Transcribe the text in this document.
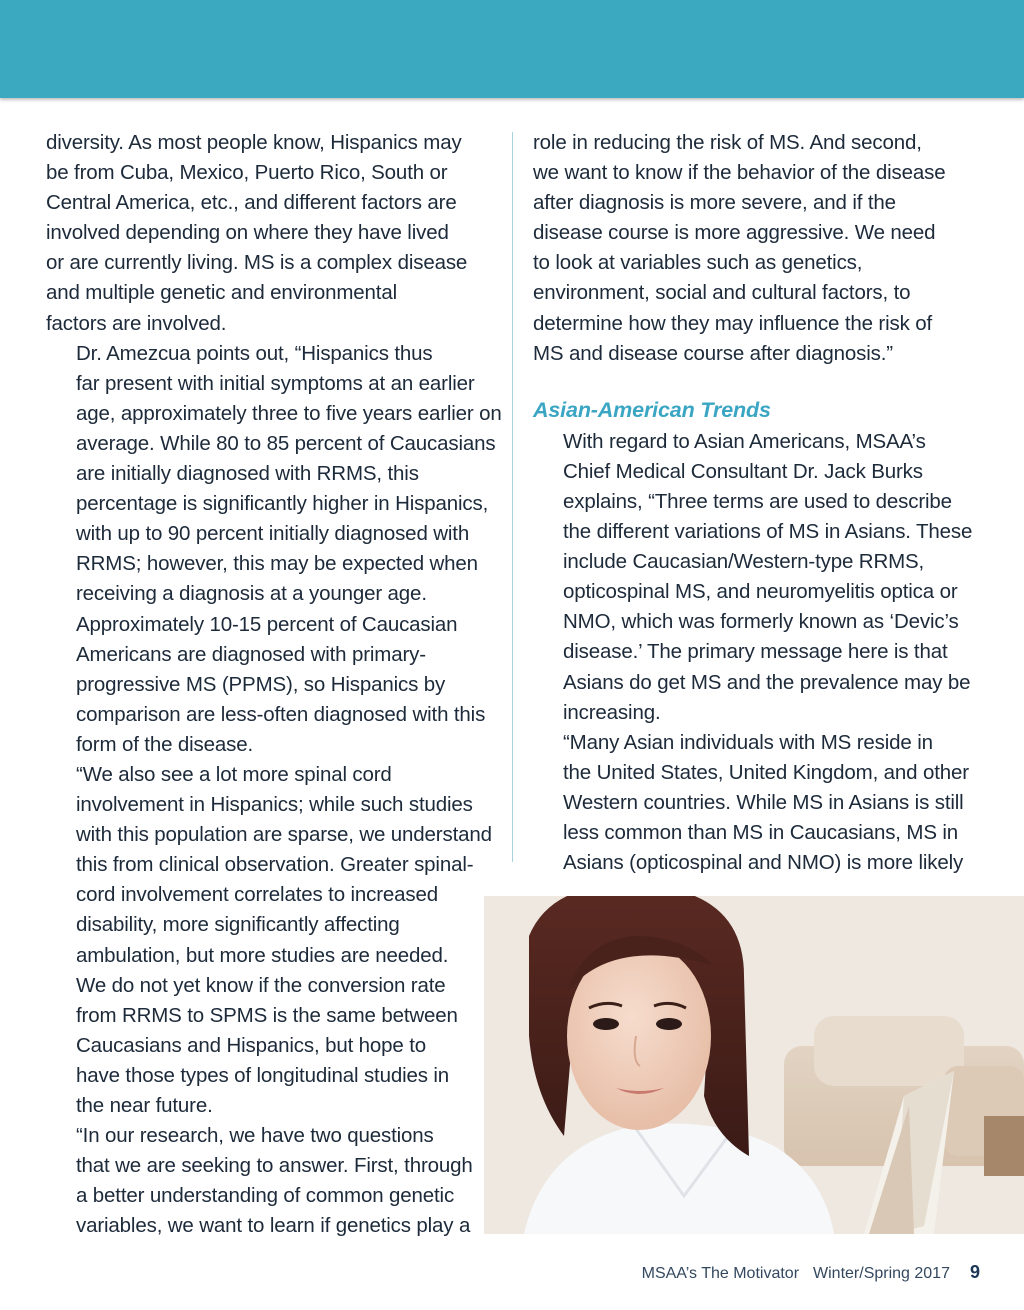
diversity. As most people know, Hispanics may
be from Cuba, Mexico, Puerto Rico, South or
Central America, etc., and different factors are
involved depending on where they have lived
or are currently living. MS is a complex disease
and multiple genetic and environmental
factors are involved.

Dr. Amezcua points out, “Hispanics thus
far present with initial symptoms at an earlier
age, approximately three to five years earlier on
average. While 80 to 85 percent of Caucasians
are initially diagnosed with RRMS, this
percentage is significantly higher in Hispanics,
with up to 90 percent initially diagnosed with
RRMS; however, this may be expected when
receiving a diagnosis at a younger age.
Approximately 10-15 percent of Caucasian
Americans are diagnosed with primary-
progressive MS (PPMS), so Hispanics by
comparison are less-often diagnosed with this
form of the disease.

“We also see a lot more spinal cord
involvement in Hispanics; while such studies
with this population are sparse, we understand
this from clinical observation. Greater spinal-
cord involvement correlates to increased
disability, more significantly affecting
ambulation, but more studies are needed.
We do not yet know if the conversion rate
from RRMS to SPMS is the same between
Caucasians and Hispanics, but hope to
have those types of longitudinal studies in
the near future.

“In our research, we have two questions
that we are seeking to answer. First, through
a better understanding of common genetic
variables, we want to learn if genetics play a

role in reducing the risk of MS. And second,
we want to know if the behavior of the disease
after diagnosis is more severe, and if the
disease course is more aggressive. We need
to look at variables such as genetics,
environment, social and cultural factors, to
determine how they may influence the risk of
MS and disease course after diagnosis.”

Asian-American Trends

With regard to Asian Americans, MSAA’s
Chief Medical Consultant Dr. Jack Burks
explains, “Three terms are used to describe
the different variations of MS in Asians. These
include Caucasian/Western-type RRMS,
opticospinal MS, and neuromyelitis optica or
NMO, which was formerly known as ‘Devic’s
disease.’ The primary message here is that
Asians do get MS and the prevalence may be
increasing.

“Many Asian individuals with MS reside in
the United States, United Kingdom, and other
Western countries. While MS in Asians is still
less common than MS in Caucasians, MS in
Asians (opticospinal and NMO) is more likely

MSAA’s The Motivator Winter/Spring 2017 9
